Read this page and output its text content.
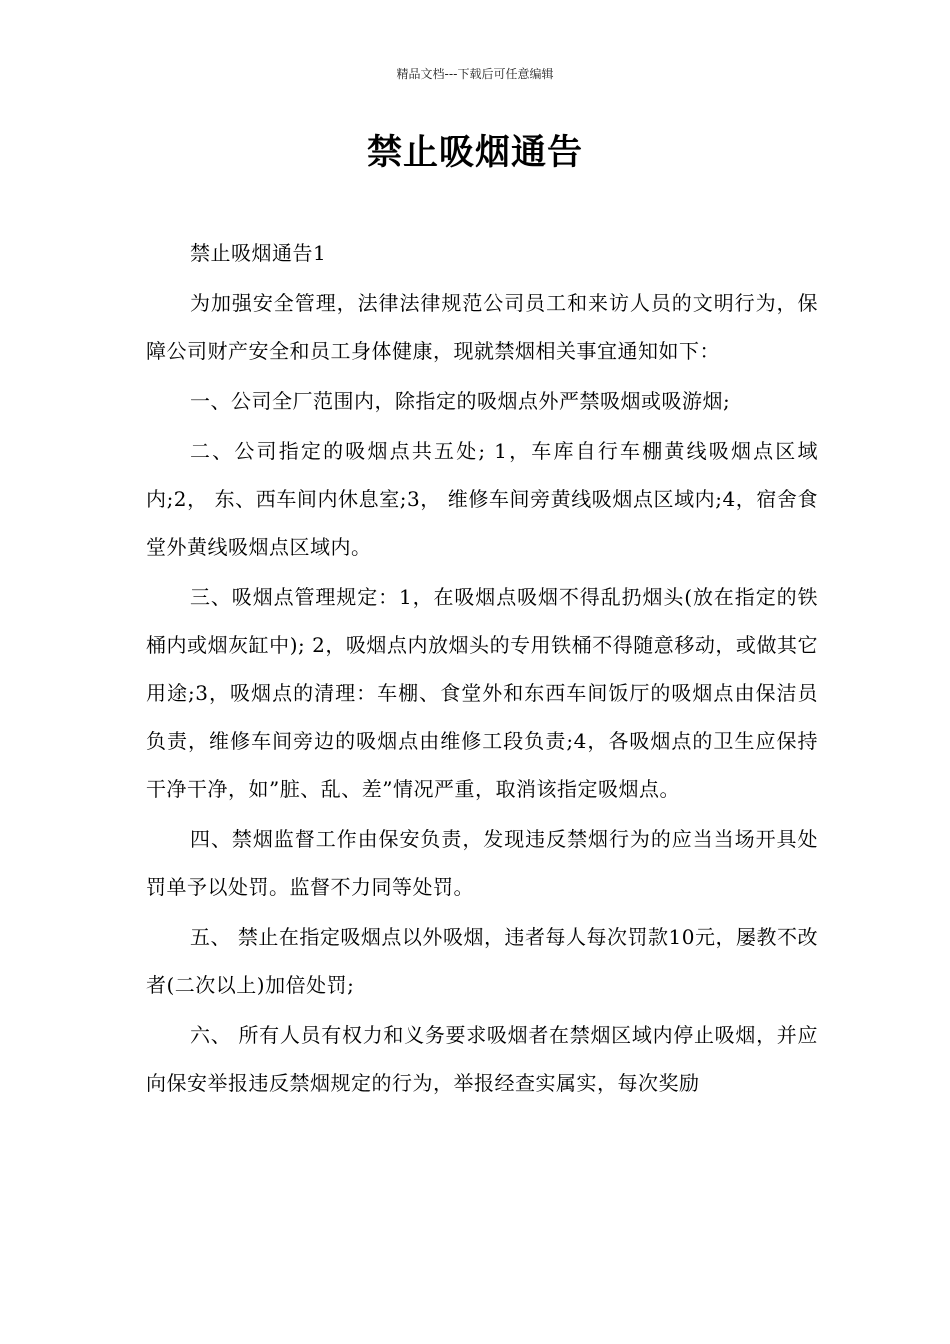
精品文档---下载后可任意编辑
禁止吸烟通告

禁止吸烟通告1

为加强安全管理，法律法律规范公司员工和来访人员的文明行为，保障公司财产安全和员工身体健康，现就禁烟相关事宜通知如下：

一、公司全厂范围内，除指定的吸烟点外严禁吸烟或吸游烟;

二、公司指定的吸烟点共五处; 1，车库自行车棚黄线吸烟点区域内;2， 东、西车间内休息室;3， 维修车间旁黄线吸烟点区域内;4，宿舍食堂外黄线吸烟点区域内。

三、吸烟点管理规定：1，在吸烟点吸烟不得乱扔烟头(放在指定的铁桶内或烟灰缸中); 2，吸烟点内放烟头的专用铁桶不得随意移动，或做其它用途;3，吸烟点的清理：车棚、食堂外和东西车间饭厅的吸烟点由保洁员负责，维修车间旁边的吸烟点由维修工段负责;4，各吸烟点的卫生应保持干净干净，如”脏、乱、差”情况严重，取消该指定吸烟点。

四、禁烟监督工作由保安负责，发现违反禁烟行为的应当当场开具处罚单予以处罚。监督不力同等处罚。

五、 禁止在指定吸烟点以外吸烟，违者每人每次罚款10元，屡教不改者(二次以上)加倍处罚;

六、 所有人员有权力和义务要求吸烟者在禁烟区域内停止吸烟，并应向保安举报违反禁烟规定的行为，举报经查实属实，每次奖励
